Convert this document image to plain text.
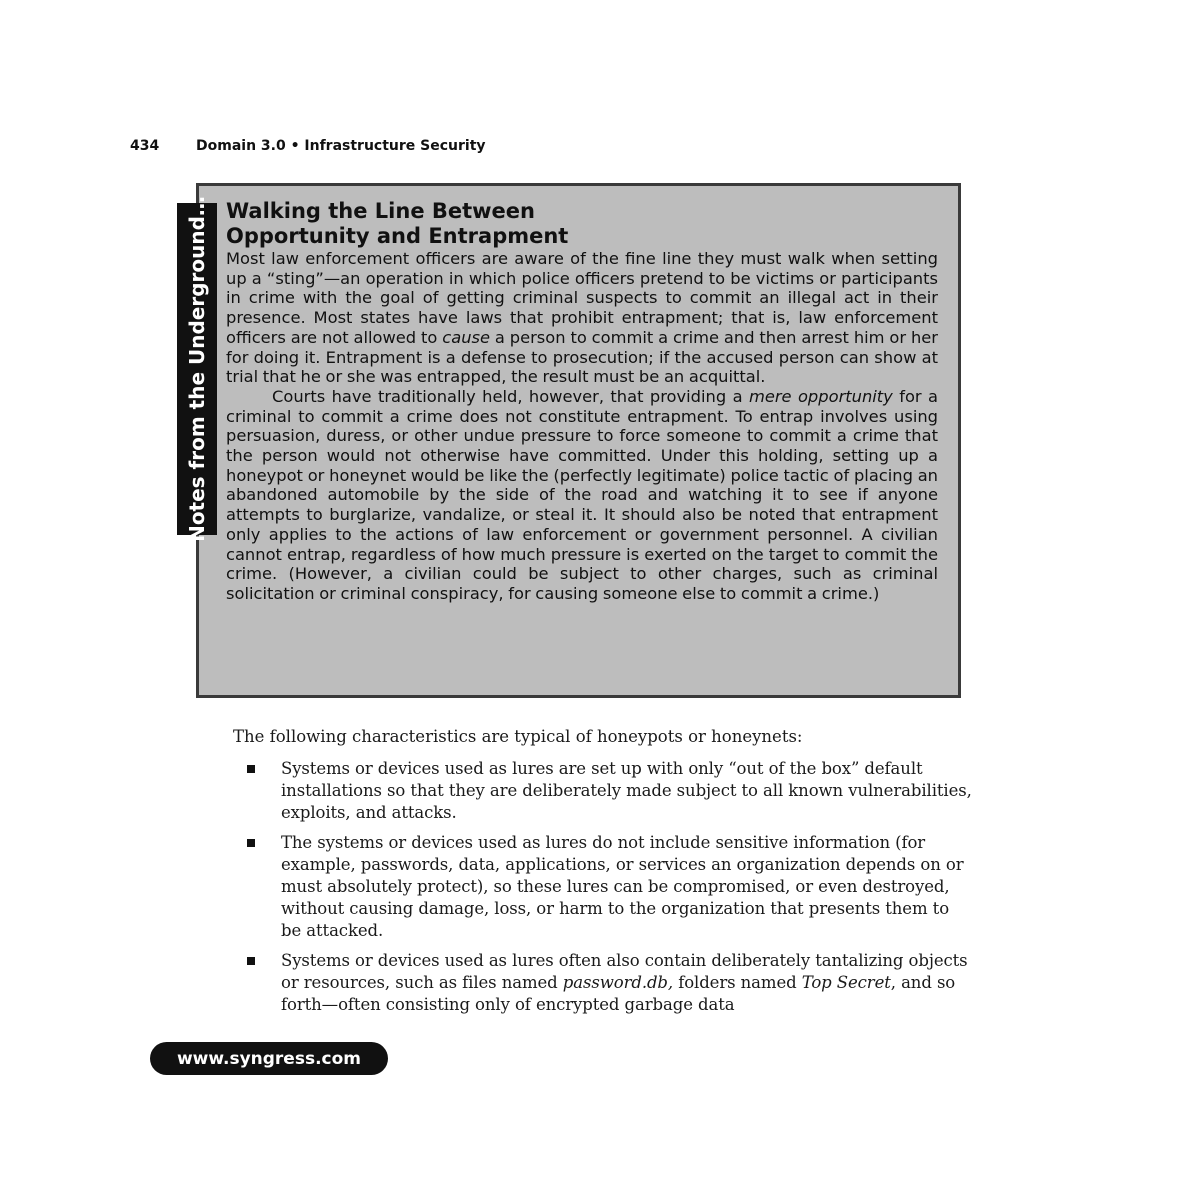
434	Domain 3.0 • Infrastructure Security
Notes from the Underground… Walking the Line Between
Opportunity and Entrapment

Most law enforcement officers are aware of the fine line they must walk when setting up a “sting”—an operation in which police officers pretend to be victims or participants in crime with the goal of getting criminal suspects to commit an illegal act in their presence. Most states have laws that prohibit entrapment; that is, law enforcement officers are not allowed to cause a person to commit a crime and then arrest him or her for doing it. Entrapment is a defense to prosecution; if the accused person can show at trial that he or she was entrapped, the result must be an acquittal.

Courts have traditionally held, however, that providing a mere opportunity for a criminal to commit a crime does not constitute entrapment. To entrap involves using persuasion, duress, or other undue pressure to force someone to commit a crime that the person would not otherwise have committed. Under this holding, setting up a honeypot or honeynet would be like the (perfectly legitimate) police tactic of placing an abandoned automobile by the side of the road and watching it to see if anyone attempts to burglarize, vandalize, or steal it. It should also be noted that entrapment only applies to the actions of law enforcement or government personnel. A civilian cannot entrap, regardless of how much pressure is exerted on the target to commit the crime. (However, a civilian could be subject to other charges, such as criminal solicitation or criminal conspiracy, for causing someone else to commit a crime.)

The following characteristics are typical of honeypots or honeynets:

Systems or devices used as lures are set up with only “out of the box” default installations so that they are deliberately made subject to all known vulnerabilities, exploits, and attacks.
The systems or devices used as lures do not include sensitive information (for example, passwords, data, applications, or services an organization depends on or must absolutely protect), so these lures can be compromised, or even destroyed, without causing damage, loss, or harm to the organization that presents them to be attacked.
Systems or devices used as lures often also contain deliberately tantalizing objects or resources, such as files named password.db, folders named Top Secret, and so forth—often consisting only of encrypted garbage data
www.syngress.com
